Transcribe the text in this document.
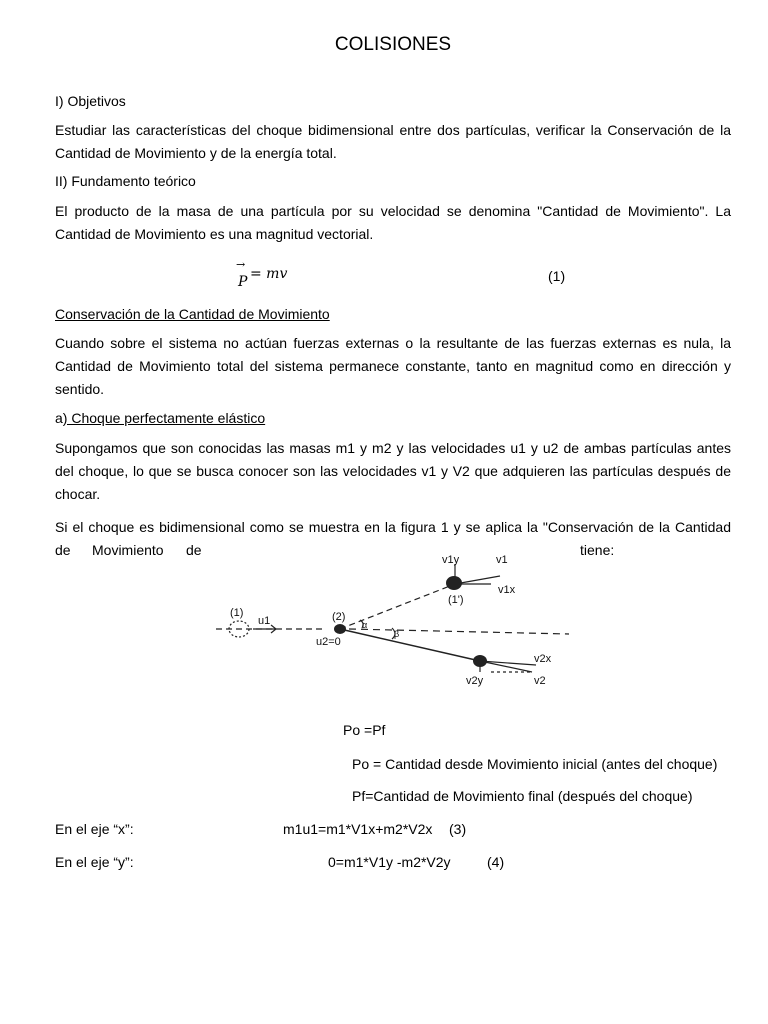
COLISIONES
I) Objetivos
Estudiar las características del choque bidimensional entre dos partículas, verificar la Conservación de la Cantidad de Movimiento y de la energía total.
II) Fundamento teórico
El producto de la masa de una partícula por su velocidad se denomina "Cantidad de Movimiento". La Cantidad de Movimiento es una magnitud vectorial.
→
P = mv	(1)
Conservación de la Cantidad de Movimiento
Cuando sobre el sistema no actúan fuerzas externas o la resultante de las fuerzas externas es nula, la Cantidad de Movimiento total del sistema permanece constante, tanto en magnitud como en dirección y sentido.
a) Choque perfectamente elástico
Supongamos que son conocidas las masas m1 y m2 y las velocidades u1 y u2 de ambas partículas antes del choque, lo que se busca conocer son las velocidades v1 y V2 que adquieren las partículas después de chocar.
Si el choque es bidimensional como se muestra en la figura 1 y se aplica la "Conservación de la Cantidad
de Movimiento de	tiene:
(1)
u1	(2)
u2=0
(1')
v1y	v1
v1x
v2x
v2y	v2
α
β
Po =Pf
Po = Cantidad desde Movimiento inicial (antes del choque)
Pf=Cantidad de Movimiento final (después del choque)
En el eje “x”:	m1u1=m1*V1x+m2*V2x (3)
En el eje “y”:	0=m1*V1y -m2*V2y	(4)
